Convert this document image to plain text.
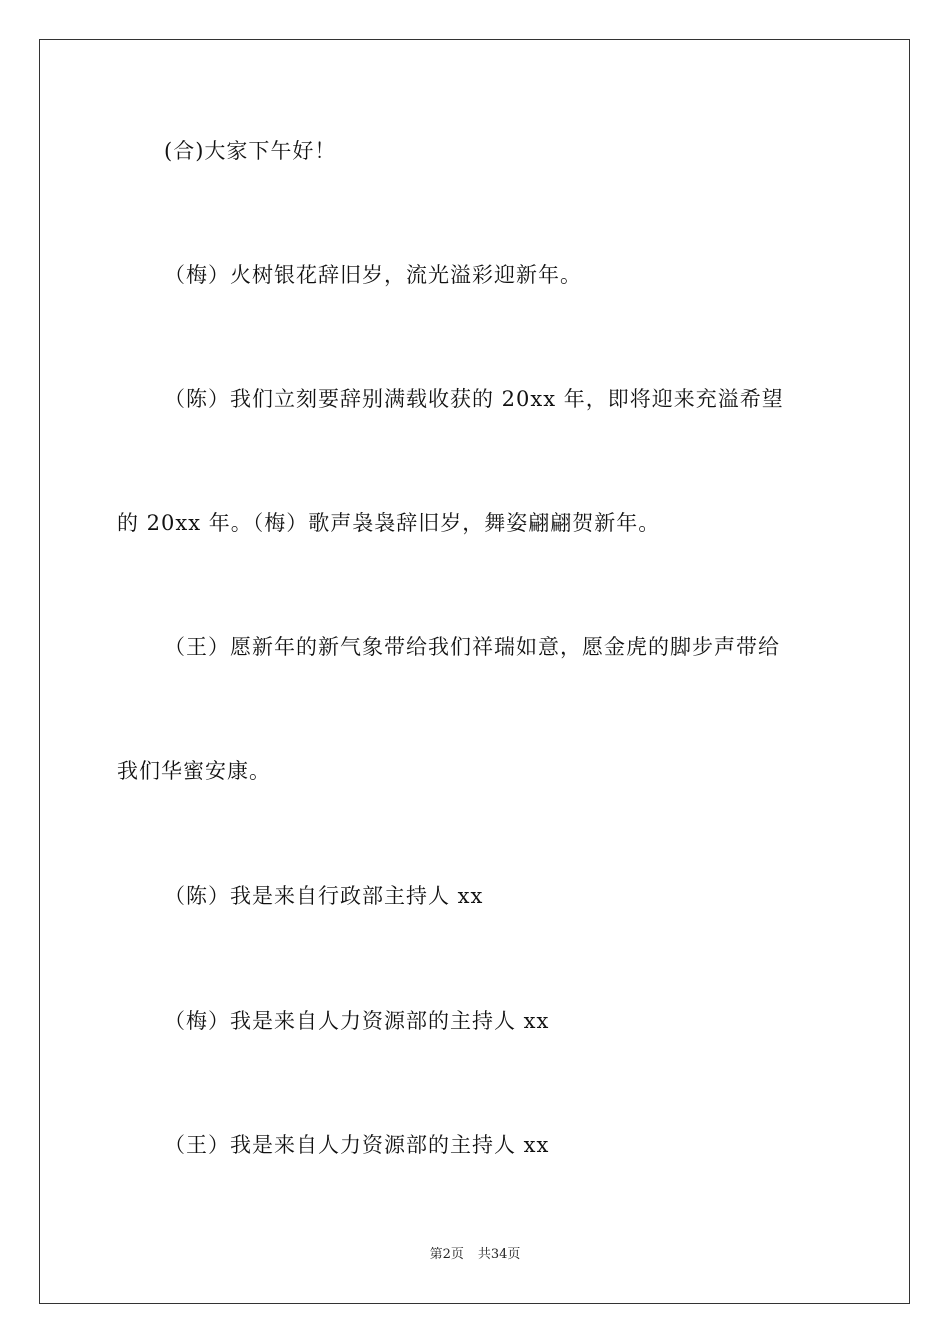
(合)大家下午好！
（梅）火树银花辞旧岁，流光溢彩迎新年。
（陈）我们立刻要辞别满载收获的 20xx 年，即将迎来充溢希望
的 20xx 年。（梅）歌声袅袅辞旧岁，舞姿翩翩贺新年。
（王）愿新年的新气象带给我们祥瑞如意，愿金虎的脚步声带给
我们华蜜安康。
（陈）我是来自行政部主持人 xx
（梅）我是来自人力资源部的主持人 xx
（王）我是来自人力资源部的主持人 xx
第2页 共34页
